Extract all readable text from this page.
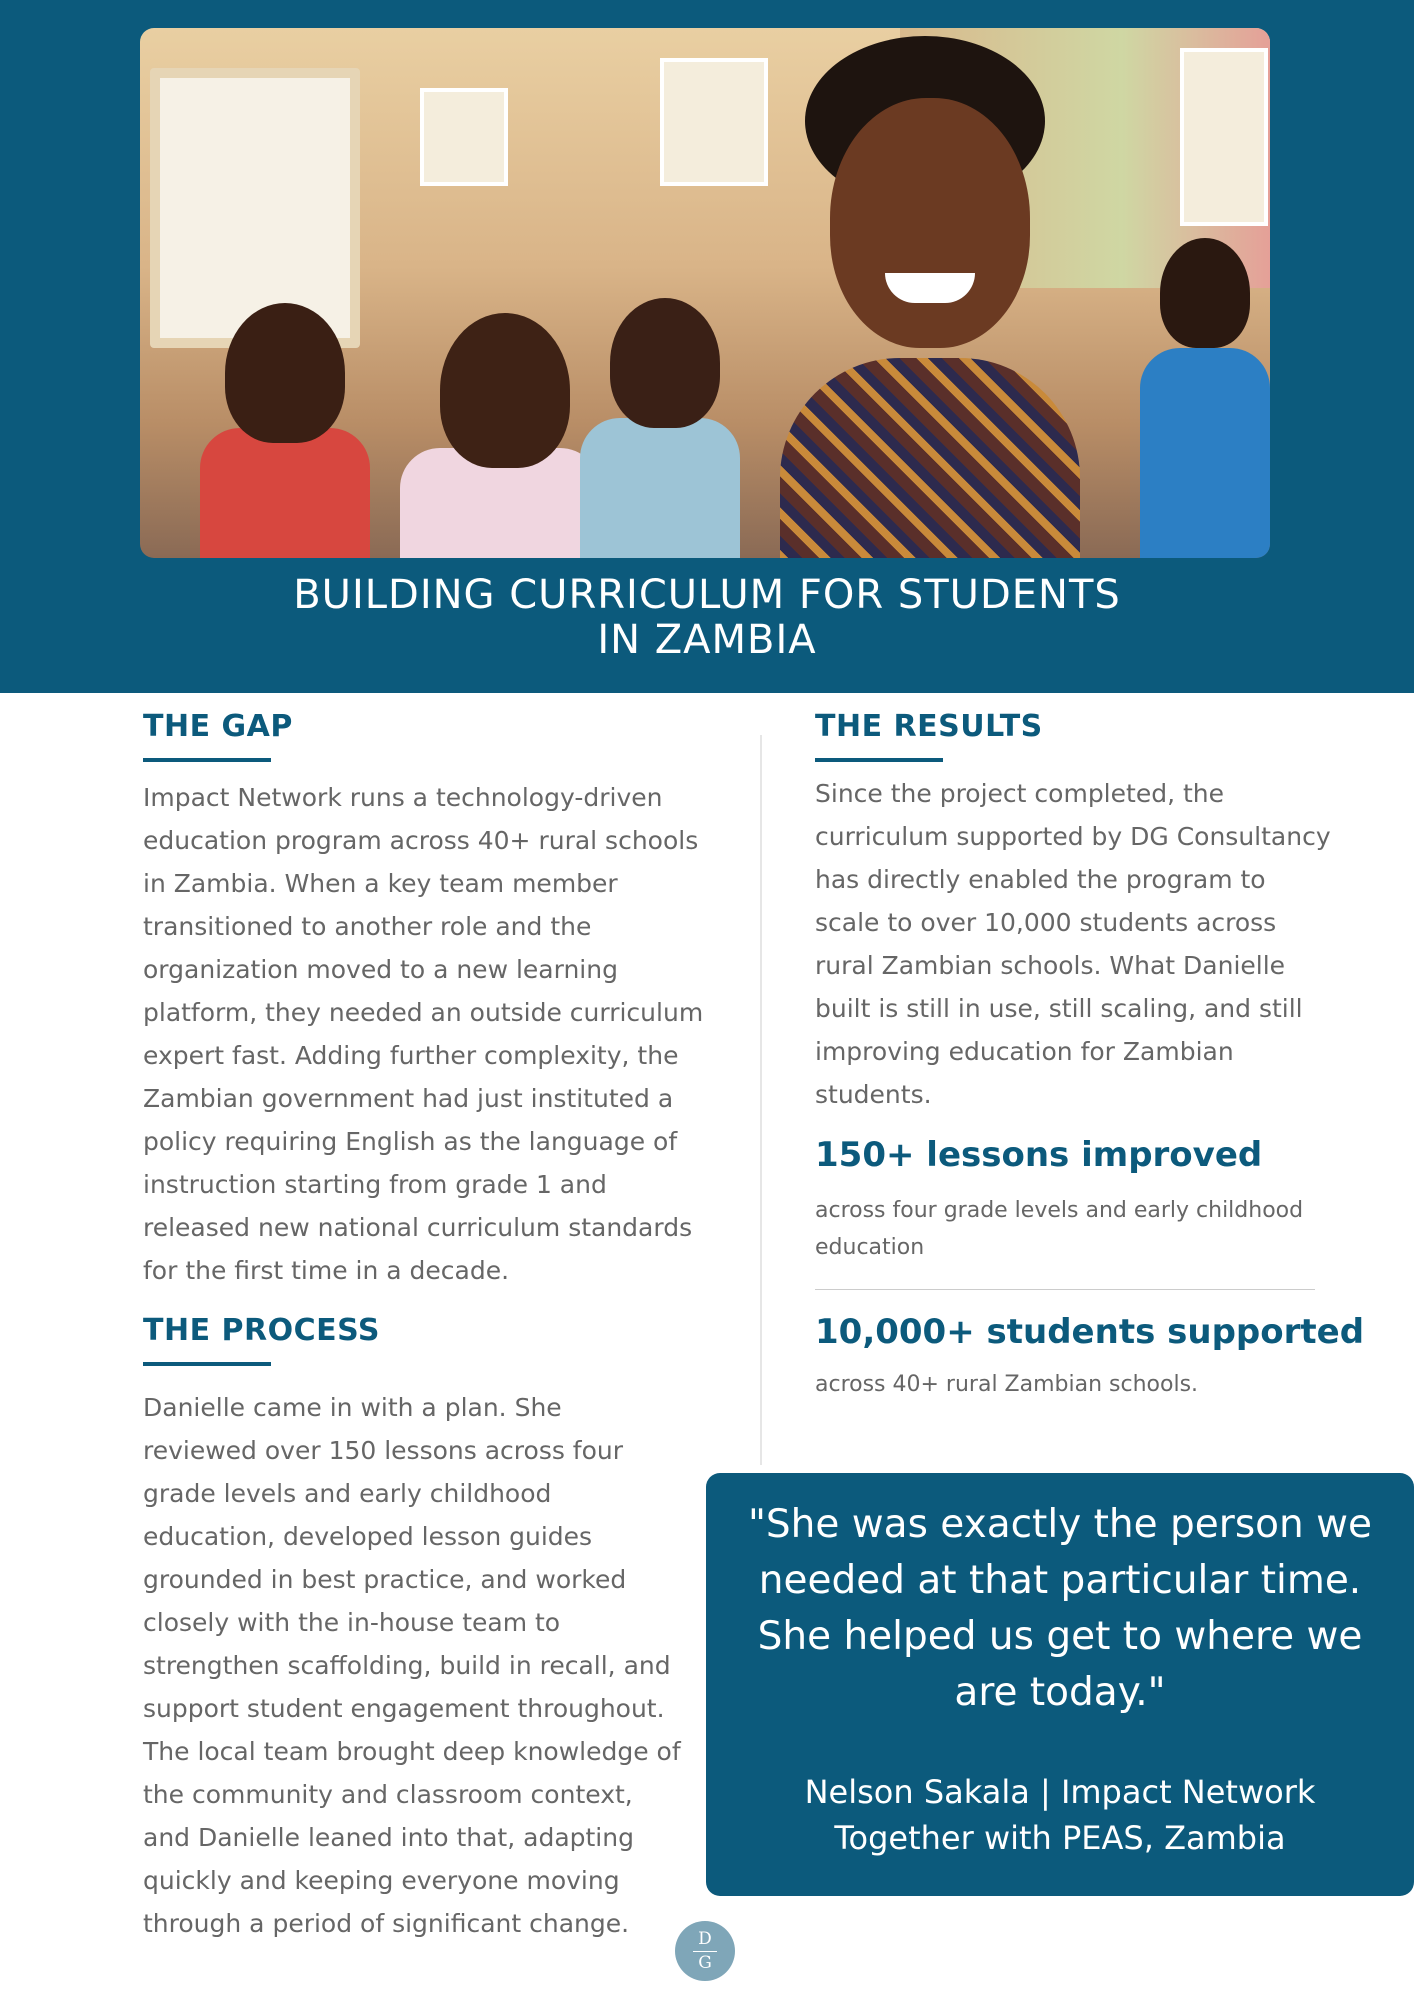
BUILDING CURRICULUM FOR STUDENTS
IN ZAMBIA
THE GAP

Impact Network runs a technology-driven education program across 40+ rural schools in Zambia. When a key team member transitioned to another role and the organization moved to a new learning platform, they needed an outside curriculum expert fast. Adding further complexity, the Zambian government had just instituted a policy requiring English as the language of instruction starting from grade 1 and released new national curriculum standards for the first time in a decade.

THE PROCESS

Danielle came in with a plan. She reviewed over 150 lessons across four grade levels and early childhood education, developed lesson guides grounded in best practice, and worked closely with the in-house team to strengthen scaffolding, build in recall, and support student engagement throughout. The local team brought deep knowledge of the community and classroom context, and Danielle leaned into that, adapting quickly and keeping everyone moving through a period of significant change.

THE RESULTS

Since the project completed, the curriculum supported by DG Consultancy has directly enabled the program to scale to over 10,000 students across rural Zambian schools. What Danielle built is still in use, still scaling, and still improving education for Zambian students.

150+ lessons improved
across four grade levels and early childhood education
10,000+ students supported
across 40+ rural Zambian schools.
"She was exactly the person we needed at that particular time. She helped us get to where we are today."
Nelson Sakala | Impact Network
Together with PEAS, Zambia
D
G
